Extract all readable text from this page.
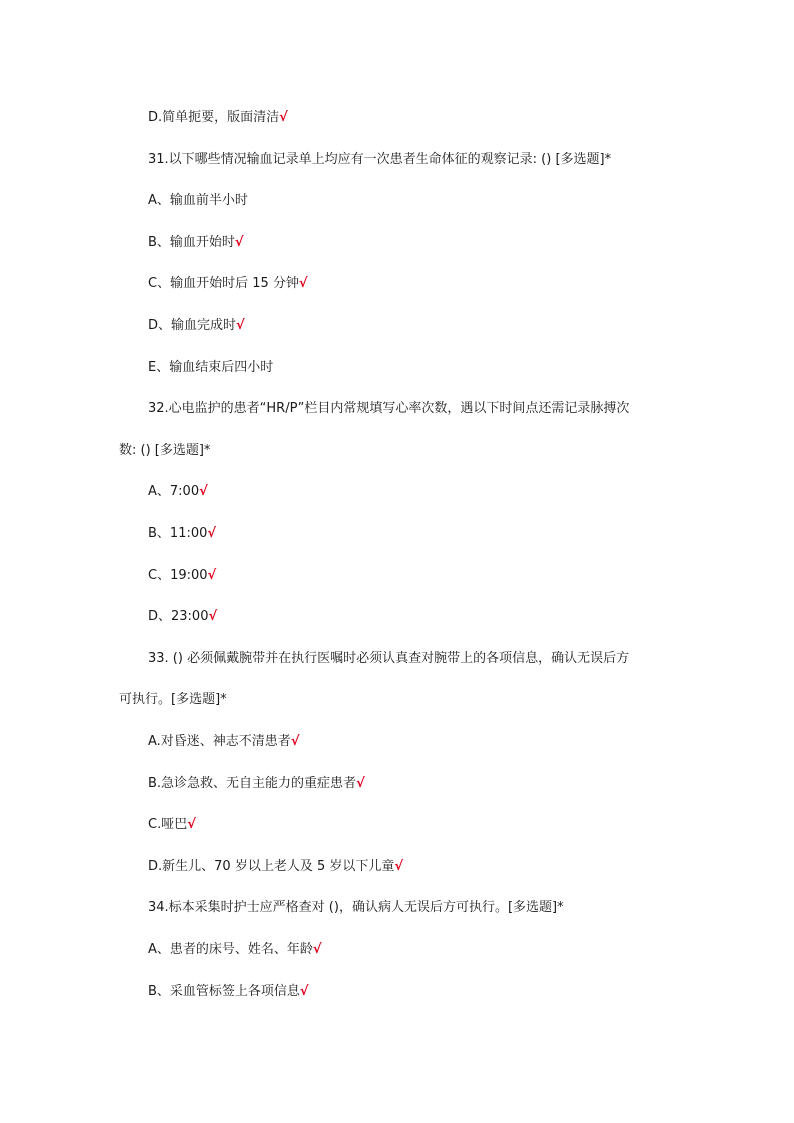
D.简单扼要，版面清洁√
31.以下哪些情况输血记录单上均应有一次患者生命体征的观察记录: () [多选题]*
A、输血前半小时
B、输血开始时√
C、输血开始时后 15 分钟√
D、输血完成时√
E、输血结束后四小时
32.心电监护的患者“HR/P”栏目内常规填写心率次数，遇以下时间点还需记录脉搏次
数: () [多选题]*
A、7:00√
B、11:00√
C、19:00√
D、23:00√
33. () 必须佩戴腕带并在执行医嘱时必须认真查对腕带上的各项信息，确认无误后方
可执行。[多选题]*
A.对昏迷、神志不清患者√
B.急诊急救、无自主能力的重症患者√
C.哑巴√
D.新生儿、70 岁以上老人及 5 岁以下儿童√
34.标本采集时护士应严格查对 ()，确认病人无误后方可执行。[多选题]*
A、患者的床号、姓名、年龄√
B、采血管标签上各项信息√
